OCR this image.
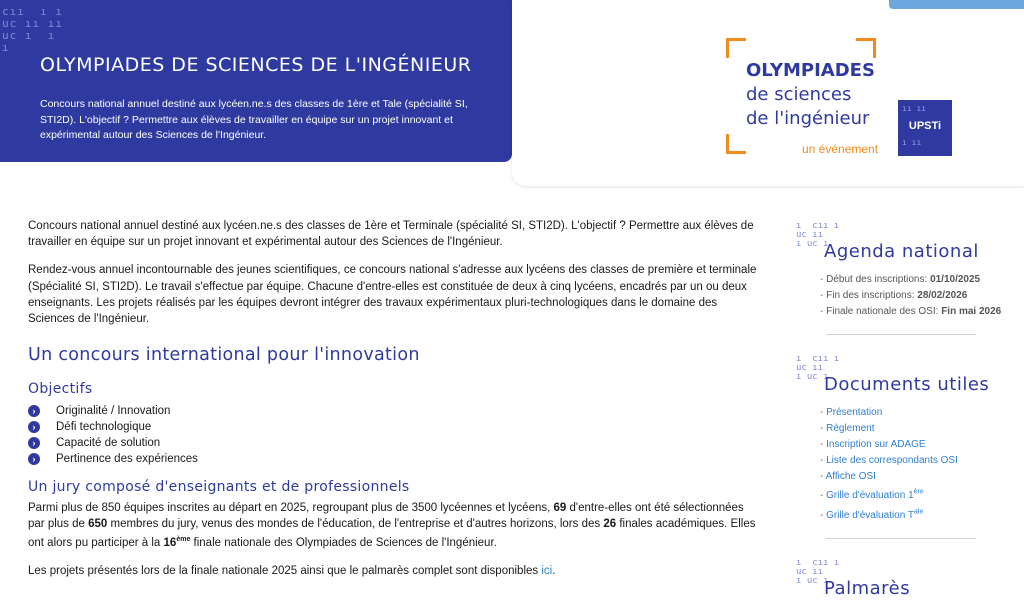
cıı  ı ı
uc ıı ıı
uc ı  ı
ı
OLYMPIADES DE SCIENCES DE L'INGÉNIEUR

Concours national annuel destiné aux lycéen.ne.s des classes de 1ère et Tale (spécialité SI, STI2D). L'objectif ? Permettre aux élèves de travailler en équipe sur un projet innovant et expérimental autour des Sciences de l'Ingénieur.

OLYMPIADES
de sciences
de l'ingénieur
un événement
ıı ıı
UPSTi
ı ıı

Concours national annuel destiné aux lycéen.ne.s des classes de 1ère et Terminale (spécialité SI, STI2D). L'objectif ? Permettre aux élèves de travailler en équipe sur un projet innovant et expérimental autour des Sciences de l'Ingénieur.

Rendez-vous annuel incontournable des jeunes scientifiques, ce concours national s'adresse aux lycéens des classes de première et terminale (Spécialité SI, STI2D). Le travail s'effectue par équipe. Chacune d'entre-elles est constituée de deux à cinq lycéens, encadrés par un ou deux enseignants. Les projets réalisés par les équipes devront intégrer des travaux expérimentaux pluri-technologiques dans le domaine des Sciences de l'Ingénieur.

Un concours international pour l'innovation
Objectifs
›	Originalité / Innovation
›	Défi technologique
›	Capacité de solution
›	Pertinence des expériences
Un jury composé d'enseignants et de professionnels

Parmi plus de 850 équipes inscrites au départ en 2025, regroupant plus de 3500 lycéennes et lycéens, 69 d'entre-elles ont été sélectionnées par plus de 650 membres du jury, venus des mondes de l'éducation, de l'entreprise et d'autres horizons, lors des 26 finales académiques. Elles ont alors pu participer à la 16ème finale nationale des Olympiades de Sciences de l'Ingénieur.

Les projets présentés lors de la finale nationale 2025 ainsi que le palmarès complet sont disponibles ici.

ı  cıı ı
uc ıı
ı uc ı
Agenda national
- Début des inscriptions: 01/10/2025
- Fin des inscriptions: 28/02/2026
- Finale nationale des OSI: Fin mai 2026
ı  cıı ı
uc ıı
ı uc ı
Documents utiles
- Présentation
- Règlement
- Inscription sur ADAGE
- Liste des correspondants OSI
- Affiche OSI
- Grille d'évaluation 1ère
- Grille d'évaluation $T^{ale}$
ı  cıı ı
uc ıı
ı uc ı
Palmarès
